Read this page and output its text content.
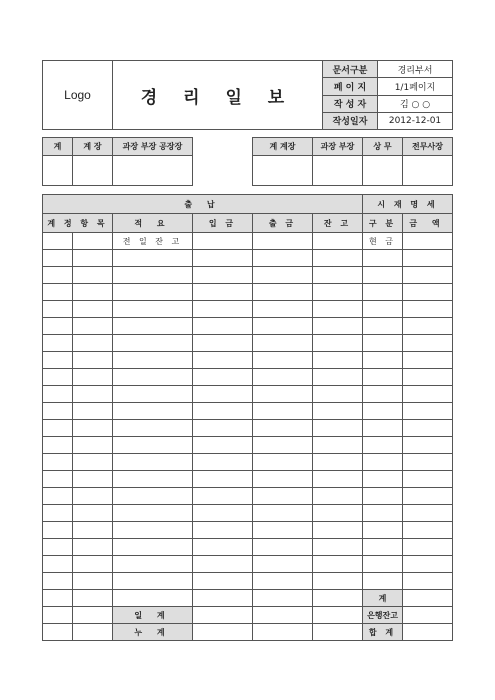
Logo	경 리 일 보	문서구분	경리부서
		페 이 지	1/1페이지
		작 성 자	김 ○ ○
		작성일자	2012-12-01
계	계 장	과장 부장 공장장
			계 계장	과장 부장	상 무	전무사장

출 납						시 재 명 세	
계 정 항 목		적 요	입 금	출 금	잔 고	구 분	금 액
		전 일 잔 고				현 금	

						계	
		일 계				은행잔고	
		누 계				합 계	
